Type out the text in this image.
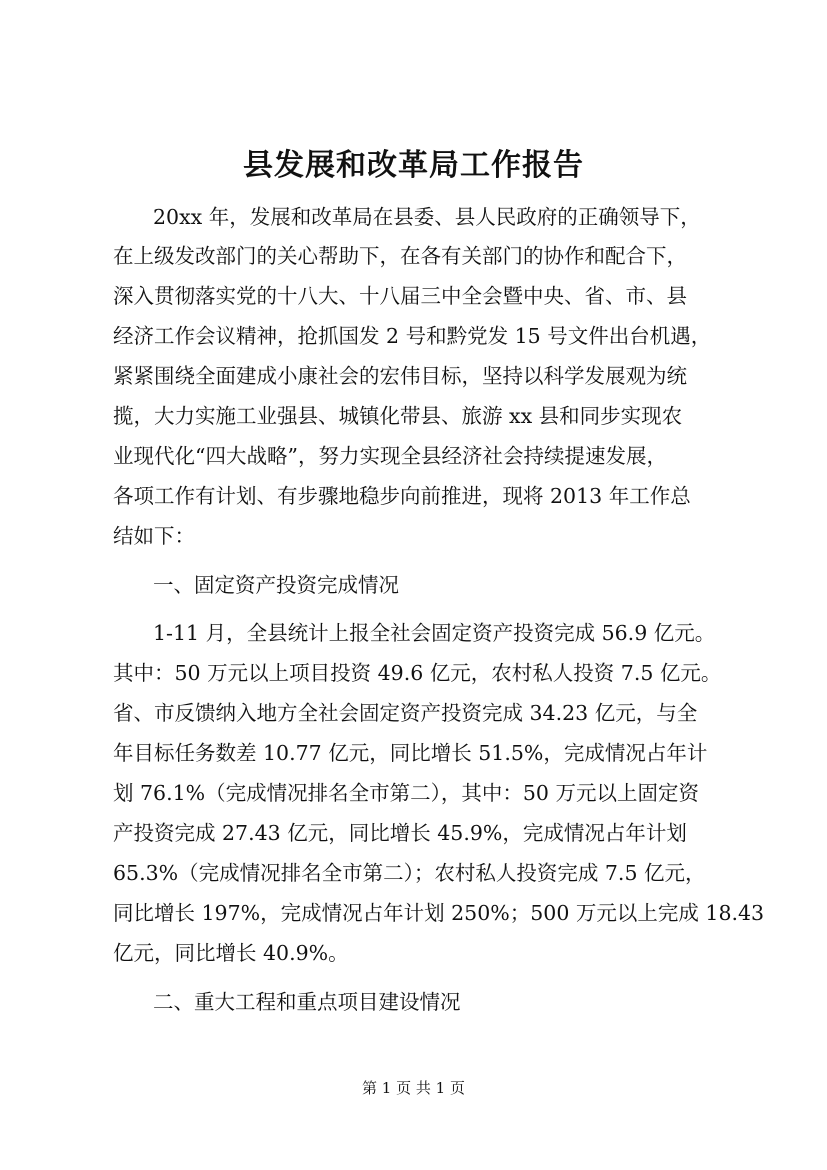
县发展和改革局工作报告
20xx 年，发展和改革局在县委、县人民政府的正确领导下，
在上级发改部门的关心帮助下，在各有关部门的协作和配合下，
深入贯彻落实党的十八大、十八届三中全会暨中央、省、市、县
经济工作会议精神，抢抓国发 2 号和黔党发 15 号文件出台机遇，
紧紧围绕全面建成小康社会的宏伟目标，坚持以科学发展观为统
揽，大力实施工业强县、城镇化带县、旅游 xx 县和同步实现农
业现代化“四大战略”，努力实现全县经济社会持续提速发展，
各项工作有计划、有步骤地稳步向前推进，现将 2013 年工作总
结如下：
一、固定资产投资完成情况
1-11 月，全县统计上报全社会固定资产投资完成 56.9 亿元。
其中：50 万元以上项目投资 49.6 亿元，农村私人投资 7.5 亿元。
省、市反馈纳入地方全社会固定资产投资完成 34.23 亿元，与全
年目标任务数差 10.77 亿元，同比增长 51.5%，完成情况占年计
划 76.1%（完成情况排名全市第二），其中：50 万元以上固定资
产投资完成 27.43 亿元，同比增长 45.9%，完成情况占年计划
65.3%（完成情况排名全市第二）；农村私人投资完成 7.5 亿元，
同比增长 197%，完成情况占年计划 250%；500 万元以上完成 18.43
亿元，同比增长 40.9%。
二、重大工程和重点项目建设情况
第 1 页 共 1 页
